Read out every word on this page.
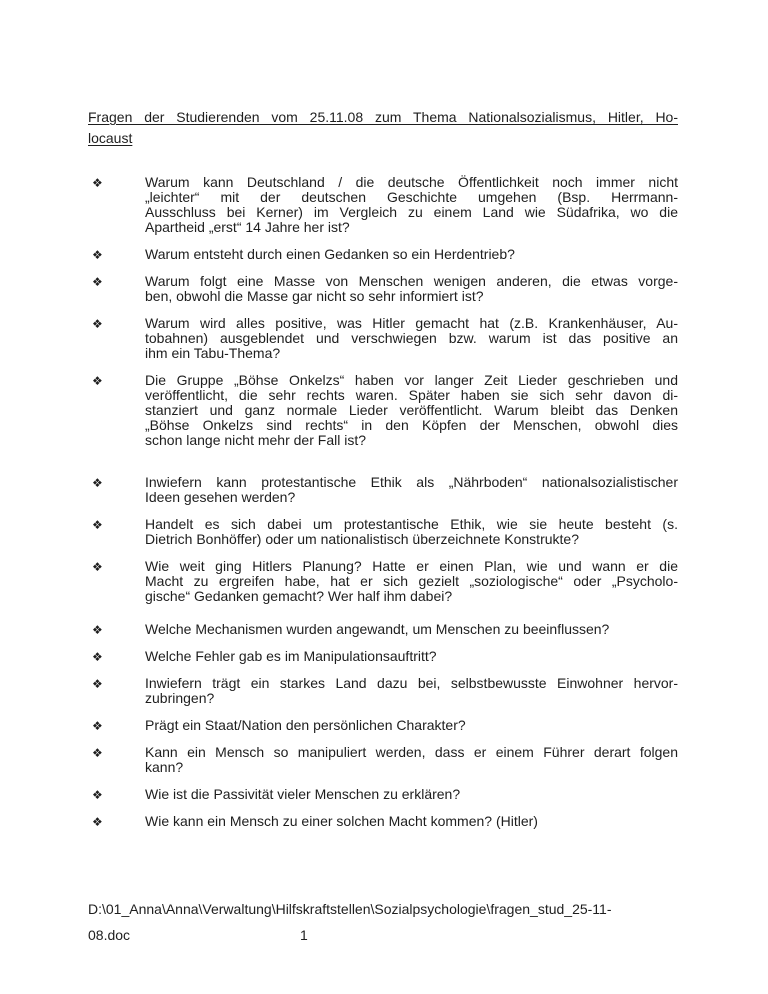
Fragen der Studierenden vom 25.11.08 zum Thema Nationalsozialismus, Hitler, Ho-
locaust
❖	Warum kann Deutschland / die deutsche Öffentlichkeit noch immer nicht
„leichter“ mit der deutschen Geschichte umgehen (Bsp. Herrmann-
Ausschluss bei Kerner) im Vergleich zu einem Land wie Südafrika, wo die
Apartheid „erst“ 14 Jahre her ist?
❖	Warum entsteht durch einen Gedanken so ein Herdentrieb?
❖	Warum folgt eine Masse von Menschen wenigen anderen, die etwas vorge-
ben, obwohl die Masse gar nicht so sehr informiert ist?
❖	Warum wird alles positive, was Hitler gemacht hat (z.B. Krankenhäuser, Au-
tobahnen) ausgeblendet und verschwiegen bzw. warum ist das positive an
ihm ein Tabu-Thema?
❖	Die Gruppe „Böhse Onkelzs“ haben vor langer Zeit Lieder geschrieben und
veröffentlicht, die sehr rechts waren. Später haben sie sich sehr davon di-
stanziert und ganz normale Lieder veröffentlicht. Warum bleibt das Denken
„Böhse Onkelzs sind rechts“ in den Köpfen der Menschen, obwohl dies
schon lange nicht mehr der Fall ist?
❖	Inwiefern kann protestantische Ethik als „Nährboden“ nationalsozialistischer
Ideen gesehen werden?
❖	Handelt es sich dabei um protestantische Ethik, wie sie heute besteht (s.
Dietrich Bonhöffer) oder um nationalistisch überzeichnete Konstrukte?
❖	Wie weit ging Hitlers Planung? Hatte er einen Plan, wie und wann er die
Macht zu ergreifen habe, hat er sich gezielt „soziologische“ oder „Psycholo-
gische“ Gedanken gemacht? Wer half ihm dabei?
❖	Welche Mechanismen wurden angewandt, um Menschen zu beeinflussen?
❖	Welche Fehler gab es im Manipulationsauftritt?
❖	Inwiefern trägt ein starkes Land dazu bei, selbstbewusste Einwohner hervor-
zubringen?
❖	Prägt ein Staat/Nation den persönlichen Charakter?
❖	Kann ein Mensch so manipuliert werden, dass er einem Führer derart folgen
kann?
❖	Wie ist die Passivität vieler Menschen zu erklären?
❖	Wie kann ein Mensch zu einer solchen Macht kommen? (Hitler)
D:\01_Anna\Anna\Verwaltung\Hilfskraftstellen\Sozialpsychologie\fragen_stud_25-11-
08.doc	1
